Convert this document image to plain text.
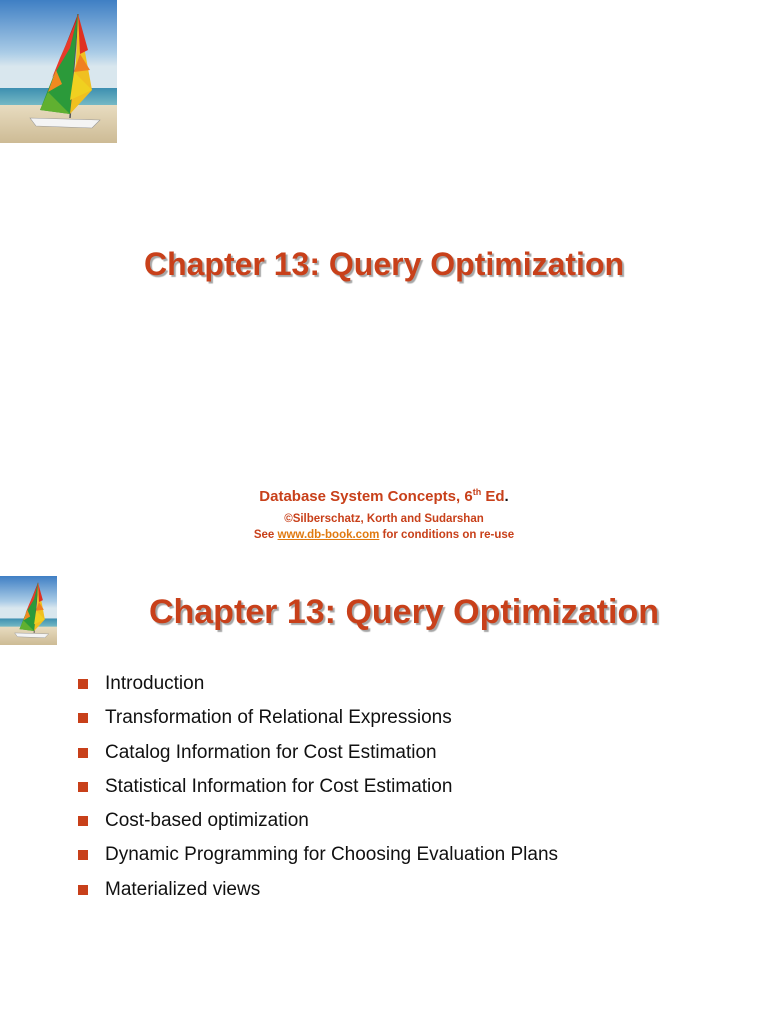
Chapter 13: Query Optimization
Database System Concepts, 6th Ed.
©Silberschatz, Korth and Sudarshan
See www.db-book.com for conditions on re-use
Chapter 13: Query Optimization
Introduction
Transformation of Relational Expressions
Catalog Information for Cost Estimation
Statistical Information for Cost Estimation
Cost-based optimization
Dynamic Programming for Choosing Evaluation Plans
Materialized views
